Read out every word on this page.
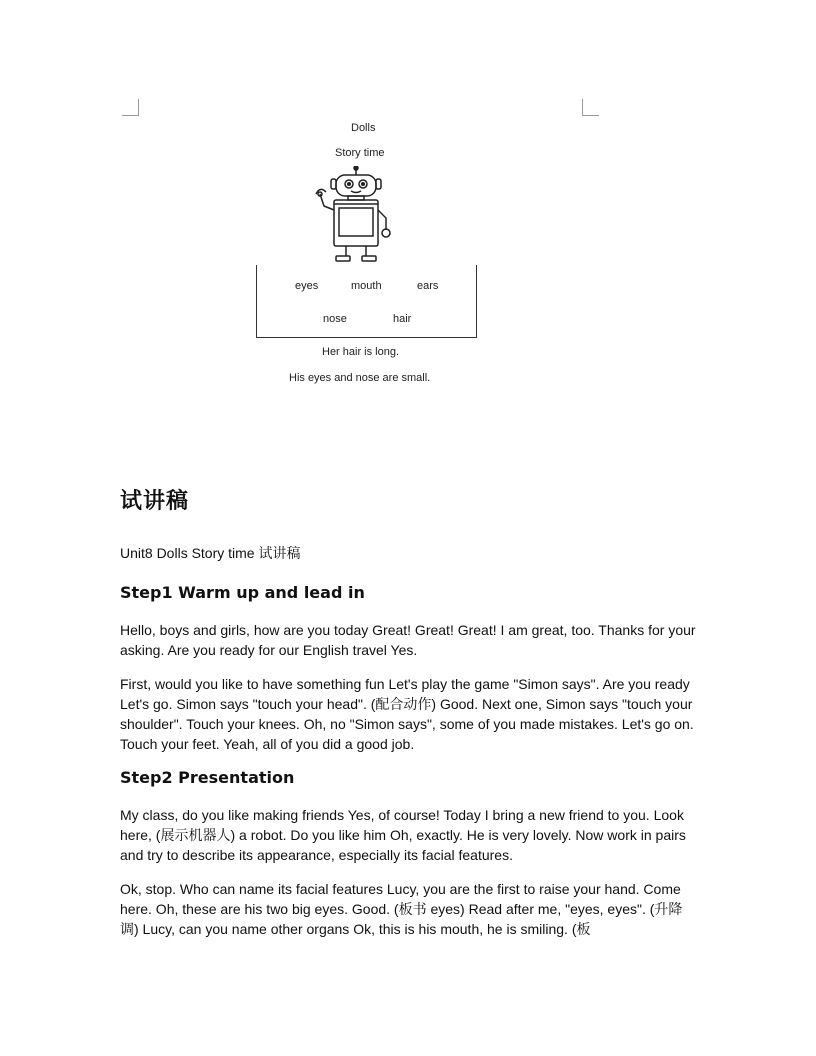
Dolls
Story time
eyes	mouth	ears
nose	hair
Her hair is long.
His eyes and nose are small.
试讲稿
Unit8 Dolls Story time 试讲稿
Step1 Warm up and lead in

Hello, boys and girls, how are you today Great! Great! Great! I am great, too. Thanks for your asking. Are you ready for our English travel Yes.

First, would you like to have something fun Let's play the game "Simon says". Are you ready Let's go. Simon says "touch your head". (配合动作) Good. Next one, Simon says "touch your shoulder". Touch your knees. Oh, no "Simon says", some of you made mistakes. Let's go on. Touch your feet. Yeah, all of you did a good job.

Step2 Presentation

My class, do you like making friends Yes, of course! Today I bring a new friend to you. Look here, (展示机器人) a robot. Do you like him Oh, exactly. He is very lovely. Now work in pairs and try to describe its appearance, especially its facial features.

Ok, stop. Who can name its facial features Lucy, you are the first to raise your hand. Come here. Oh, these are his two big eyes. Good. (板书 eyes) Read after me, "eyes, eyes". (升降调) Lucy, can you name other organs Ok, this is his mouth, he is smiling. (板
